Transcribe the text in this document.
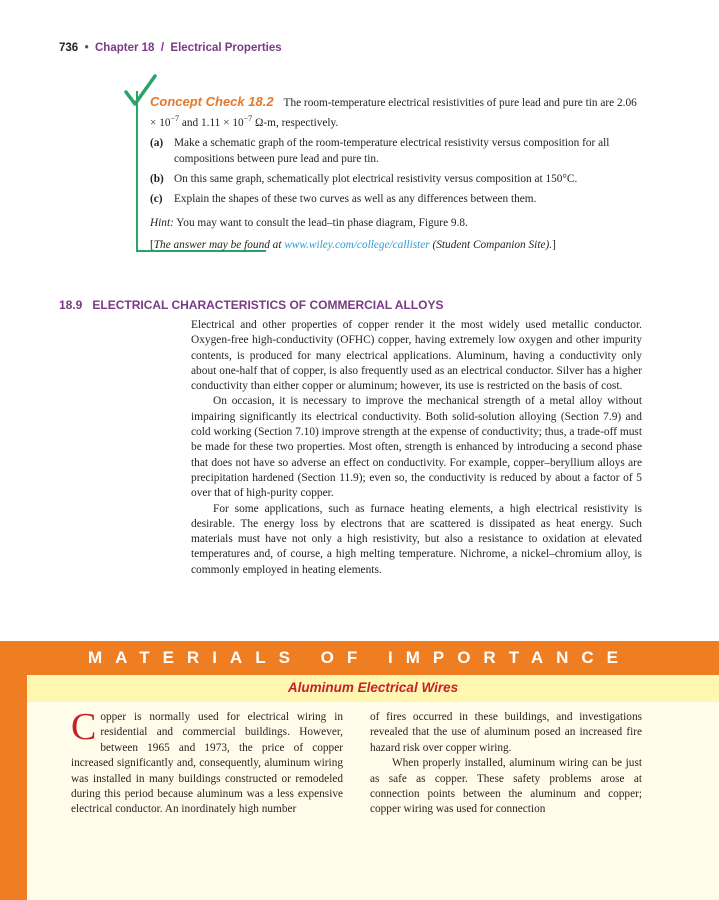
736 • Chapter 18 / Electrical Properties

Concept Check 18.2 The room-temperature electrical resistivities of pure lead and pure tin are $2.06 \times 10^{-7}$ and $1.11 \times 10^{-7}$ Ω-m, respectively.

(a) Make a schematic graph of the room-temperature electrical resistivity versus composition for all compositions between pure lead and pure tin.
(b) On this same graph, schematically plot electrical resistivity versus composition at 150°C.
(c)	Explain the shapes of these two curves as well as any differences between them.

Hint: You may want to consult the lead–tin phase diagram, Figure 9.8.

[The answer may be found at www.wiley.com/college/callister (Student Companion Site).]

18.9 ELECTRICAL CHARACTERISTICS OF COMMERCIAL ALLOYS

Electrical and other properties of copper render it the most widely used metallic conductor. Oxygen-free high-conductivity (OFHC) copper, having extremely low oxygen and other impurity contents, is produced for many electrical applications. Aluminum, having a conductivity only about one-half that of copper, is also frequently used as an electrical conductor. Silver has a higher conductivity than either copper or aluminum; however, its use is restricted on the basis of cost.

On occasion, it is necessary to improve the mechanical strength of a metal alloy without impairing significantly its electrical conductivity. Both solid-solution alloying (Section 7.9) and cold working (Section 7.10) improve strength at the expense of conductivity; thus, a trade-off must be made for these two properties. Most often, strength is enhanced by introducing a second phase that does not have so adverse an effect on conductivity. For example, copper–beryllium alloys are precipitation hardened (Section 11.9); even so, the conductivity is reduced by about a factor of 5 over that of high-purity copper.

For some applications, such as furnace heating elements, a high electrical resistivity is desirable. The energy loss by electrons that are scattered is dissipated as heat energy. Such materials must have not only a high resistivity, but also a resistance to oxidation at elevated temperatures and, of course, a high melting temperature. Nichrome, a nickel–chromium alloy, is commonly employed in heating elements.

MATERIALS OF IMPORTANCE
Aluminum Electrical Wires

Copper is normally used for electrical wiring in residential and commercial buildings. However, between 1965 and 1973, the price of copper increased significantly and, consequently, aluminum wiring was installed in many buildings constructed or remodeled during this period because aluminum was a less expensive electrical conductor. An inordinately high number

of fires occurred in these buildings, and investigations revealed that the use of aluminum posed an increased fire hazard risk over copper wiring.

When properly installed, aluminum wiring can be just as safe as copper. These safety problems arose at connection points between the aluminum and copper; copper wiring was used for connection
